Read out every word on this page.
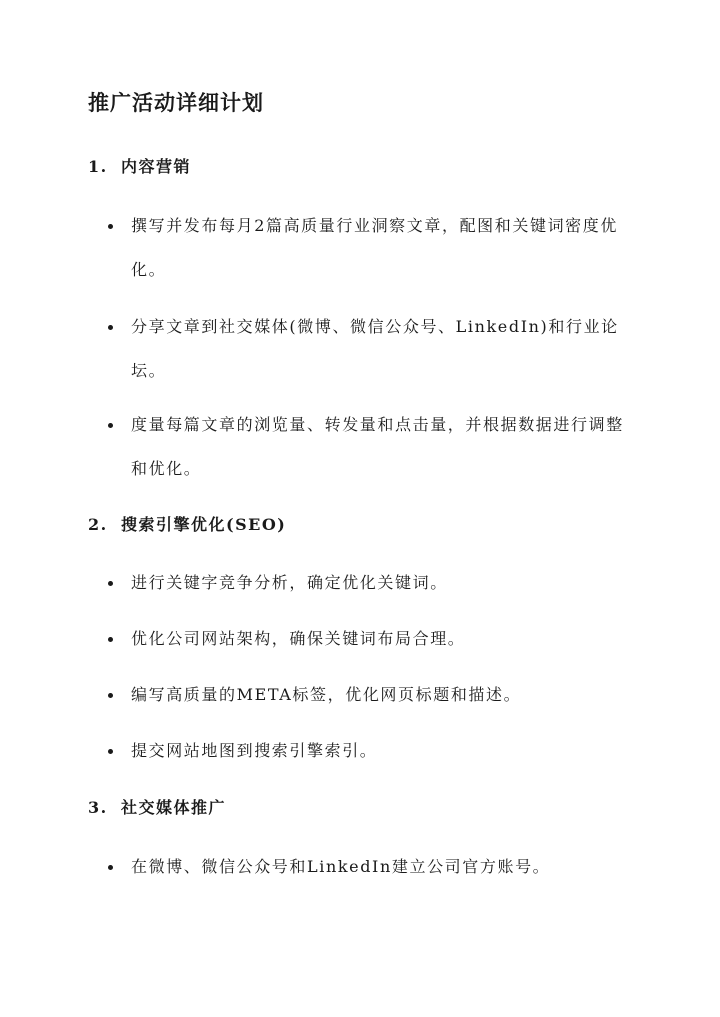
推广活动详细计划
1. 内容营销
撰写并发布每月2篇高质量行业洞察文章，配图和关键词密度优化。
分享文章到社交媒体(微博、微信公众号、LinkedIn)和行业论坛。
度量每篇文章的浏览量、转发量和点击量，并根据数据进行调整和优化。
2. 搜索引擎优化(SEO)
进行关键字竞争分析，确定优化关键词。
优化公司网站架构，确保关键词布局合理。
编写高质量的META标签，优化网页标题和描述。
提交网站地图到搜索引擎索引。
3. 社交媒体推广
在微博、微信公众号和LinkedIn建立公司官方账号。
